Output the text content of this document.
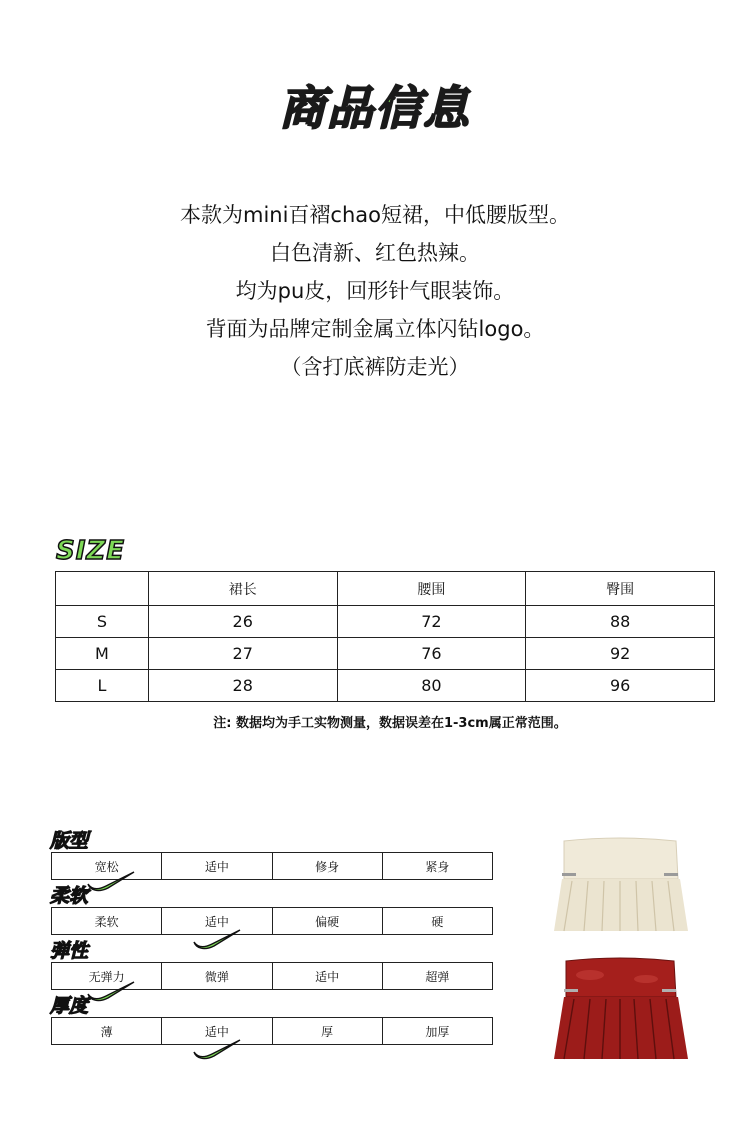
商品信息
本款为mini百褶chao短裙，中低腰版型。
白色清新、红色热辣。
均为pu皮，回形针气眼装饰。
背面为品牌定制金属立体闪钻logo。
（含打底裤防走光）
SIZE
	裙长	腰围	臀围
S	26	72	88
M	27	76	92
L	28	80	96
注: 数据均为手工实物测量，数据误差在1-3cm属正常范围。
版型
宽松	适中	修身	紧身
柔软
柔软	适中	偏硬	硬
弹性
无弹力	微弹	适中	超弹
厚度
薄	适中	厚	加厚
